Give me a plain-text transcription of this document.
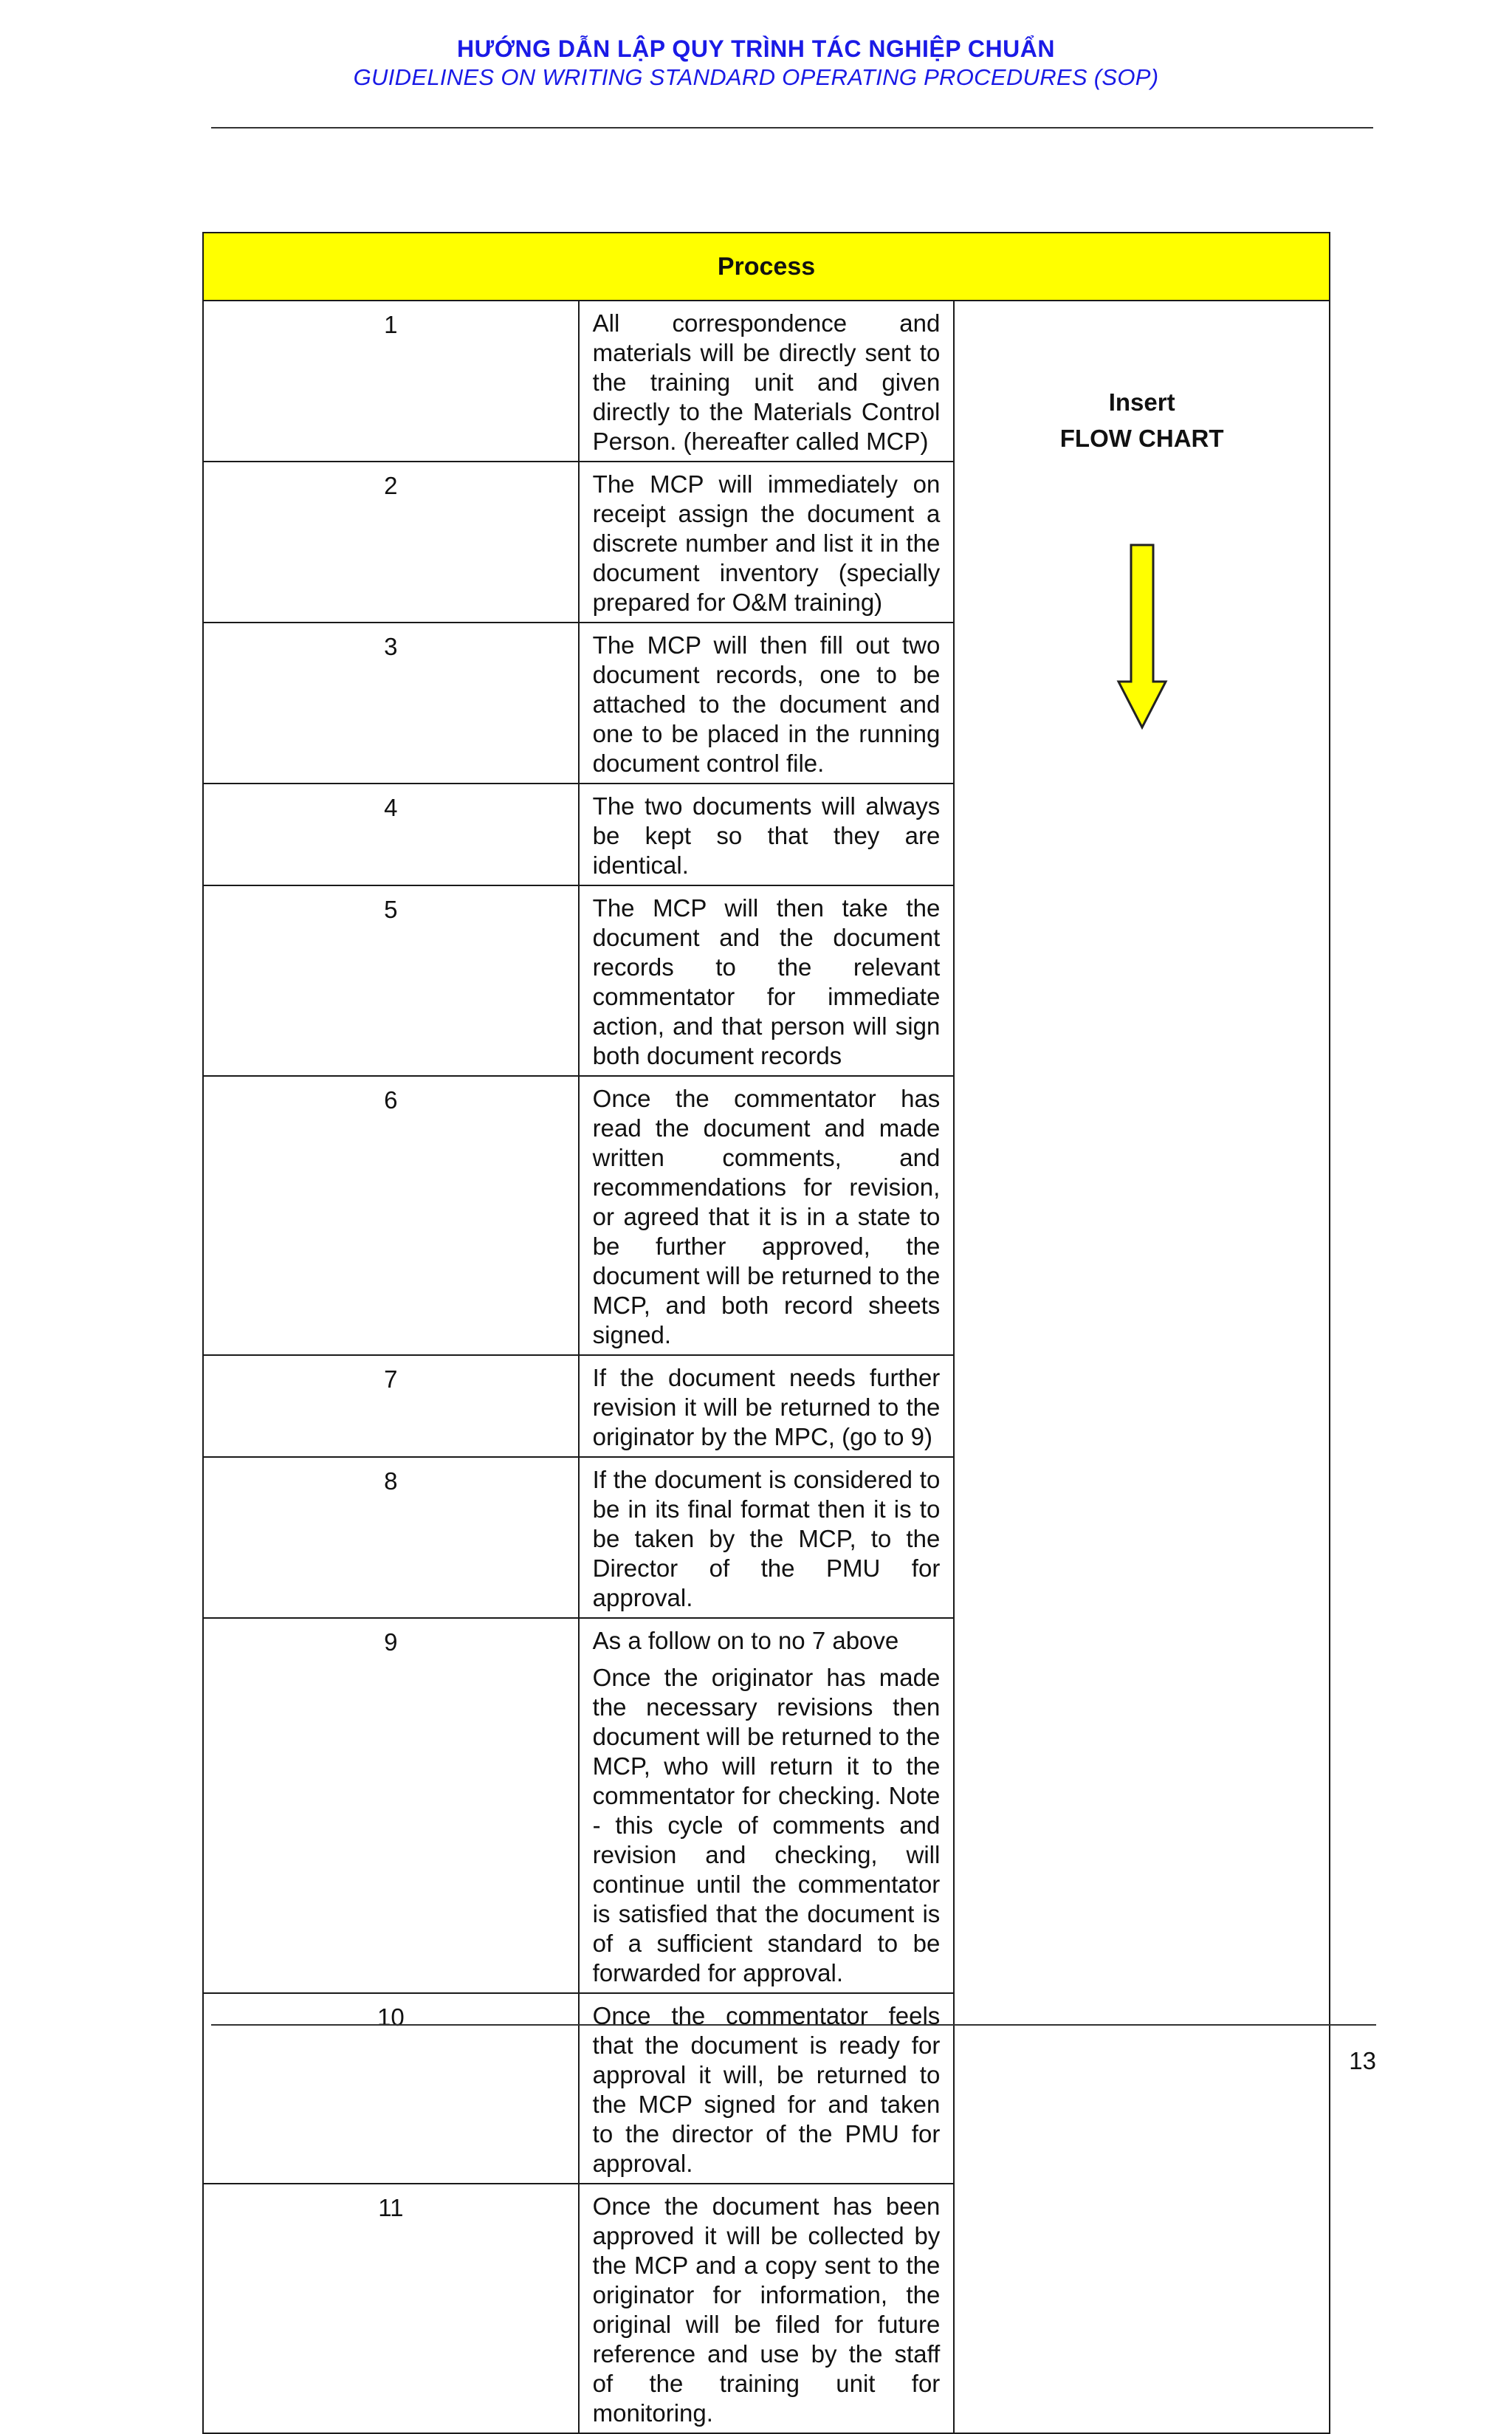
HƯỚNG DẪN LẬP QUY TRÌNH TÁC NGHIỆP CHUẨN
GUIDELINES ON WRITING STANDARD OPERATING PROCEDURES (SOP)
Process		
1	All correspondence and materials will be directly sent to the training unit and given directly to the Materials Control Person. (hereafter called MCP)	Insert
FLOW CHART

2	The MCP will immediately on receipt assign the document a discrete number and list it in the document inventory (specially prepared for O&M training)	

3	The MCP will then fill out two document records, one to be attached to the document and one to be placed in the running document control file.	

4	The two documents will always be kept so that they are identical.	

5	The MCP will then take the document and the document records to the relevant commentator for immediate action, and that person will sign both document records	

6	Once the commentator has read the document and made written comments, and recommendations for revision, or agreed that it is in a state to be further approved, the document will be returned to the MCP, and both record sheets signed.	

7	If the document needs further revision it will be returned to the originator by the MPC, (go to 9)	

8	If the document is considered to be in its final format then it is to be taken by the MCP, to the Director of the PMU for approval.	

9	As a follow on to no 7 above

Once the originator has made the necessary revisions then document will be returned to the MCP, who will return it to the commentator for checking. Note - this cycle of comments and revision and checking, will continue until the commentator is satisfied that the document is of a sufficient standard to be forwarded for approval.	

10	Once the commentator feels that the document is ready for approval it will, be returned to the MCP signed for and taken to the director of the PMU for approval.	

11	Once the document has been approved it will be collected by the MCP and a copy sent to the originator for information, the original will be filed for future reference and use by the staff of the training unit for monitoring.	

13
